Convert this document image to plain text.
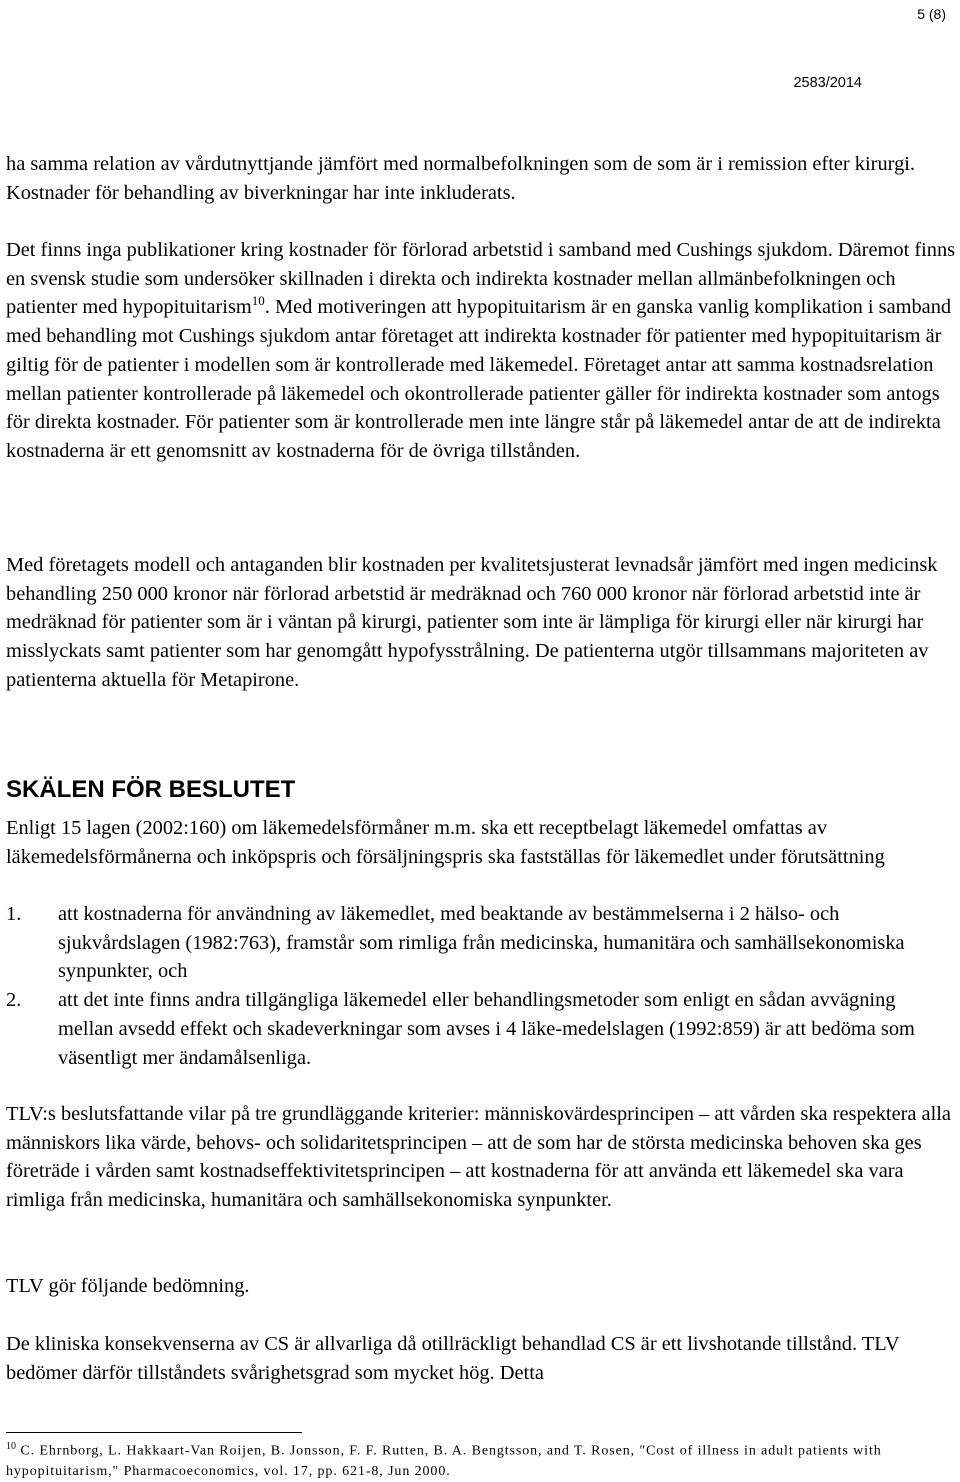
5 (8)
2583/2014

ha samma relation av vårdutnyttjande jämfört med normalbefolkningen som de som är i remission efter kirurgi. Kostnader för behandling av biverkningar har inte inkluderats.

Det finns inga publikationer kring kostnader för förlorad arbetstid i samband med Cushings sjukdom. Däremot finns en svensk studie som undersöker skillnaden i direkta och indirekta kostnader mellan allmänbefolkningen och patienter med hypopituitarism$^{10}$. Med motiveringen att hypopituitarism är en ganska vanlig komplikation i samband med behandling mot Cushings sjukdom antar företaget att indirekta kostnader för patienter med hypopituitarism är giltig för de patienter i modellen som är kontrollerade med läkemedel. Företaget antar att samma kostnadsrelation mellan patienter kontrollerade på läkemedel och okontrollerade patienter gäller för indirekta kostnader som antogs för direkta kostnader. För patienter som är kontrollerade men inte längre står på läkemedel antar de att de indirekta kostnaderna är ett genomsnitt av kostnaderna för de övriga tillstånden.

Med företagets modell och antaganden blir kostnaden per kvalitetsjusterat levnadsår jämfört med ingen medicinsk behandling 250 000 kronor när förlorad arbetstid är medräknad och 760 000 kronor när förlorad arbetstid inte är medräknad för patienter som är i väntan på kirurgi, patienter som inte är lämpliga för kirurgi eller när kirurgi har misslyckats samt patienter som har genomgått hypofysstrålning. De patienterna utgör tillsammans majoriteten av patienterna aktuella för Metapirone.

SKÄLEN FÖR BESLUTET

Enligt 15 lagen (2002:160) om läkemedelsförmåner m.m. ska ett receptbelagt läkemedel omfattas av läkemedelsförmånerna och inköpspris och försäljningspris ska fastställas för läkemedlet under förutsättning

1. att kostnaderna för användning av läkemedlet, med beaktande av bestämmelserna i 2 hälso- och sjukvårdslagen (1982:763), framstår som rimliga från medicinska, humanitära och samhällsekonomiska synpunkter, och
2. att det inte finns andra tillgängliga läkemedel eller behandlingsmetoder som enligt en sådan avvägning mellan avsedd effekt och skadeverkningar som avses i 4 läke-medelslagen (1992:859) är att bedöma som väsentligt mer ändamålsenliga.

TLV:s beslutsfattande vilar på tre grundläggande kriterier: människovärdesprincipen – att vården ska respektera alla människors lika värde, behovs- och solidaritetsprincipen – att de som har de största medicinska behoven ska ges företräde i vården samt kostnadseffektivitetsprincipen – att kostnaderna för att använda ett läkemedel ska vara rimliga från medicinska, humanitära och samhällsekonomiska synpunkter.

TLV gör följande bedömning.

De kliniska konsekvenserna av CS är allvarliga då otillräckligt behandlad CS är ett livshotande tillstånd. TLV bedömer därför tillståndets svårighetsgrad som mycket hög. Detta

$^{10}$ C. Ehrnborg, L. Hakkaart-Van Roijen, B. Jonsson, F. F. Rutten, B. A. Bengtsson, and T. Rosen, "Cost of illness in adult patients with hypopituitarism," Pharmacoeconomics, vol. 17, pp. 621-8, Jun 2000.
